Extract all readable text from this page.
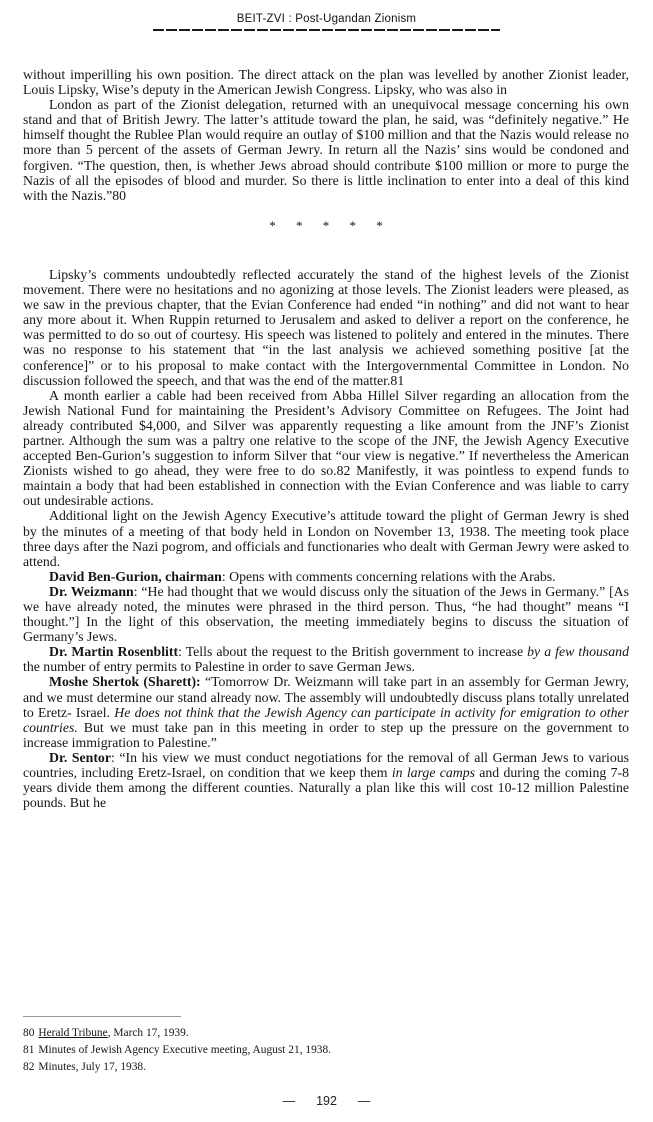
BEIT-ZVI : Post-Ugandan Zionism

without imperilling his own position. The direct attack on the plan was levelled by another Zionist leader, Louis Lipsky, Wise’s deputy in the American Jewish Congress. Lipsky, who was also in

London as part of the Zionist delegation, returned with an unequivocal message concerning his own stand and that of British Jewry. The latter’s attitude toward the plan, he said, was “definitely negative.” He himself thought the Rublee Plan would require an outlay of $100 million and that the Nazis would release no more than 5 percent of the assets of German Jewry. In return all the Nazis’ sins would be condoned and forgiven. “The question, then, is whether Jews abroad should contribute $100 million or more to purge the Nazis of all the episodes of blood and murder. So there is little inclination to enter into a deal of this kind with the Nazis.”80

* * * * *

Lipsky’s comments undoubtedly reflected accurately the stand of the highest levels of the Zionist movement. There were no hesitations and no agonizing at those levels. The Zionist leaders were pleased, as we saw in the previous chapter, that the Evian Conference had ended “in nothing” and did not want to hear any more about it. When Ruppin returned to Jerusalem and asked to deliver a report on the conference, he was permitted to do so out of courtesy. His speech was listened to politely and entered in the minutes. There was no response to his statement that “in the last analysis we achieved something positive [at the conference]” or to his proposal to make contact with the Intergovernmental Committee in London. No discussion followed the speech, and that was the end of the matter.81

A month earlier a cable had been received from Abba Hillel Silver regarding an allocation from the Jewish National Fund for maintaining the President’s Advisory Committee on Refugees. The Joint had already contributed $4,000, and Silver was apparently requesting a like amount from the JNF’s Zionist partner. Although the sum was a paltry one relative to the scope of the JNF, the Jewish Agency Executive accepted Ben-Gurion’s suggestion to inform Silver that “our view is negative.” If nevertheless the American Zionists wished to go ahead, they were free to do so.82 Manifestly, it was pointless to expend funds to maintain a body that had been established in connection with the Evian Conference and was liable to carry out undesirable actions.

Additional light on the Jewish Agency Executive’s attitude toward the plight of German Jewry is shed by the minutes of a meeting of that body held in London on November 13, 1938. The meeting took place three days after the Nazi pogrom, and officials and functionaries who dealt with German Jewry were asked to attend.

David Ben-Gurion, chairman: Opens with comments concerning relations with the Arabs.

Dr. Weizmann: “He had thought that we would discuss only the situation of the Jews in Germany.” [As we have already noted, the minutes were phrased in the third person. Thus, “he had thought” means “I thought.”] In the light of this observation, the meeting immediately begins to discuss the situation of Germany’s Jews.

Dr. Martin Rosenblitt: Tells about the request to the British government to increase by a few thousand the number of entry permits to Palestine in order to save German Jews.

Moshe Shertok (Sharett): “Tomorrow Dr. Weizmann will take part in an assembly for German Jewry, and we must determine our stand already now. The assembly will undoubtedly discuss plans totally unrelated to Eretz- Israel. He does not think that the Jewish Agency can participate in activity for emigration to other countries. But we must take pan in this meeting in order to step up the pressure on the government to increase immigration to Palestine.”

Dr. Sentor: “In his view we must conduct negotiations for the removal of all German Jews to various countries, including Eretz-Israel, on condition that we keep them in large camps and during the coming 7-8 years divide them among the different counties. Naturally a plan like this will cost 10-12 million Palestine pounds. But he

80 Herald Tribune, March 17, 1939.
81 Minutes of Jewish Agency Executive meeting, August 21, 1938.
82 Minutes, July 17, 1938.
— 192 —
